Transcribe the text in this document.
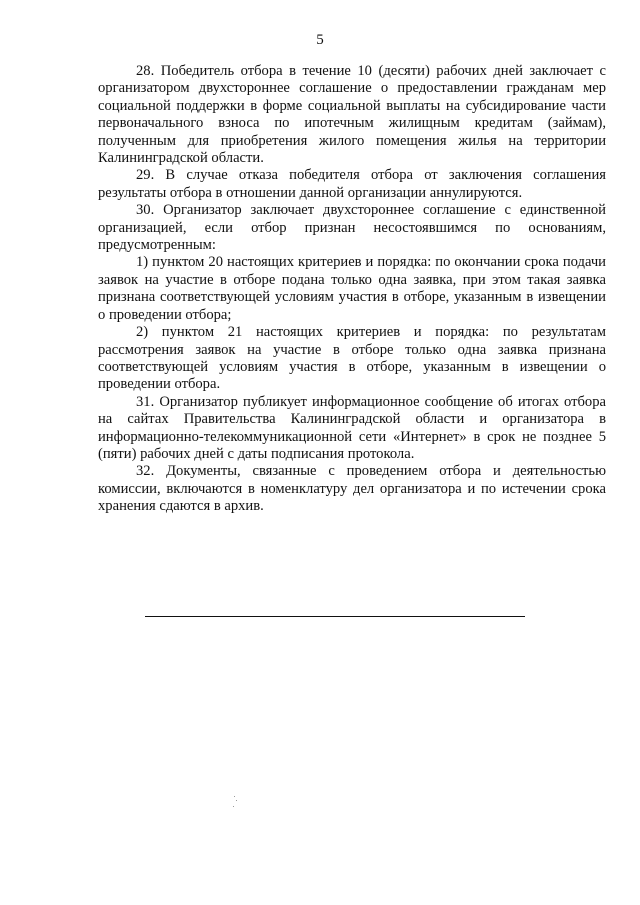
5

28. Победитель отбора в течение 10 (десяти) рабочих дней заключает с организатором двухстороннее соглашение о предоставлении гражданам мер социальной поддержки в форме социальной выплаты на субсидирование части первоначального взноса по ипотечным жилищным кредитам (займам), полученным для приобретения жилого помещения жилья на территории Калининградской области.

29. В случае отказа победителя отбора от заключения соглашения результаты отбора в отношении данной организации аннулируются.

30. Организатор заключает двухстороннее соглашение с единственной организацией, если отбор признан несостоявшимся по основаниям, предусмотренным:

1) пунктом 20 настоящих критериев и порядка: по окончании срока подачи заявок на участие в отборе подана только одна заявка, при этом такая заявка признана соответствующей условиям участия в отборе, указанным в извещении о проведении отбора;

2) пунктом 21 настоящих критериев и порядка: по результатам рассмотрения заявок на участие в отборе только одна заявка признана соответствующей условиям участия в отборе, указанным в извещении о проведении отбора.

31. Организатор публикует информационное сообщение об итогах отбора на сайтах Правительства Калининградской области и организатора в информационно-телекоммуникационной сети «Интернет» в срок не позднее 5 (пяти) рабочих дней с даты подписания протокола.

32. Документы, связанные с проведением отбора и деятельностью комиссии, включаются в номенклатуру дел организатора и по истечении срока хранения сдаются в архив.
